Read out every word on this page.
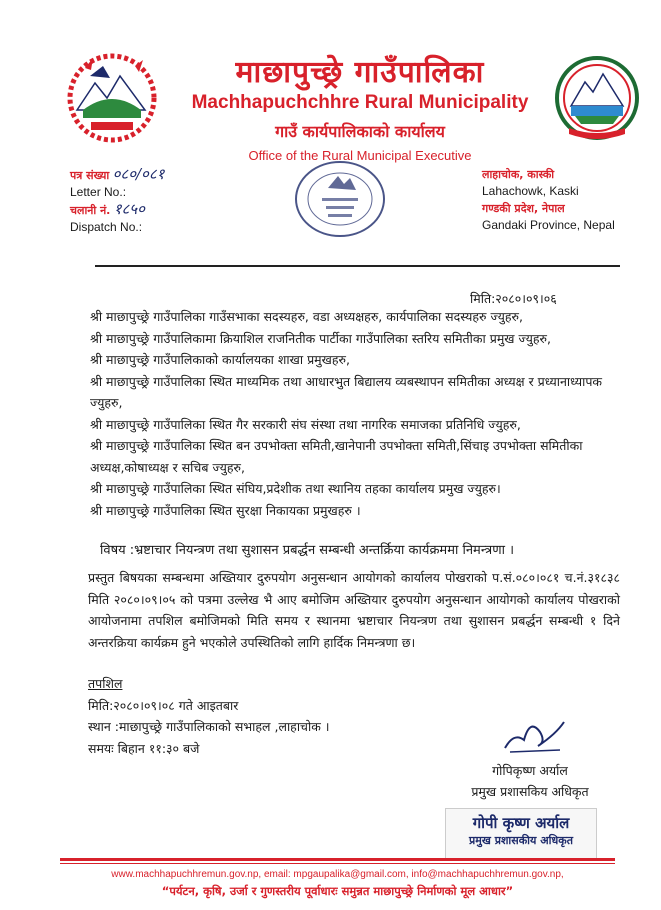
माछापुच्छ्रे गाउँपालिका
Machhapuchchhre Rural Municipality
गाउँ कार्यपालिकाको कार्यालय
Office of the Rural Municipal Executive
पत्र संख्या ०८०/०८१
Letter No.:
चलानी नं. १८५०
Dispatch No.:
लाहाचोक, कास्की
Lahachowk, Kaski
गण्डकी प्रदेश, नेपाल
Gandaki Province, Nepal
मिति:२०८०।०९।०६

श्री माछापुच्छ्रे गाउँपालिका गाउँसभाका सदस्यहरु, वडा अध्यक्षहरु, कार्यपालिका सदस्यहरु ज्युहरु,

श्री माछापुच्छ्रे गाउँपालिकामा क्रियाशिल राजनितीक पार्टीका गाउँपालिका स्तरिय समितीका प्रमुख ज्युहरु,

श्री माछापुच्छ्रे गाउँपालिकाको कार्यालयका शाखा प्रमुखहरु,

श्री माछापुच्छ्रे गाउँपालिका स्थित माध्यमिक तथा आधारभुत बिद्यालय व्यबस्थापन समितीका अध्यक्ष र प्रध्यानाध्यापक ज्युहरु,

श्री माछापुच्छ्रे गाउँपालिका स्थित गैर सरकारी संघ संस्था तथा नागरिक समाजका प्रतिनिधि ज्युहरु,

श्री माछापुच्छ्रे गाउँपालिका स्थित बन उपभोक्ता समिती,खानेपानी उपभोक्ता समिती,सिंचाइ उपभोक्ता समितीका अध्यक्ष,कोषाध्यक्ष र सचिब ज्युहरु,

श्री माछापुच्छ्रे गाउँपालिका स्थित संघिय,प्रदेशीक तथा स्थानिय तहका कार्यालय प्रमुख ज्युहरु।

श्री माछापुच्छ्रे गाउँपालिका स्थित सुरक्षा निकायका प्रमुखहरु ।

विषय :भ्रष्टाचार नियन्त्रण तथा सुशासन प्रबर्द्धन सम्बन्धी अन्तर्क्रिया कार्यक्रममा निमन्त्रणा ।
प्रस्तुत बिषयका सम्बन्धमा अख्तियार दुरुपयोग अनुसन्धान आयोगको कार्यालय पोखराको प.सं.०८०।०८१ च.नं.३१८३८ मिति २०८०।०९।०५ को पत्रमा उल्लेख भै आए बमोजिम अख्तियार दुरुपयोग अनुसन्धान आयोगको कार्यालय पोखराको आयोजनामा तपशिल बमोजिमको मिति समय र स्थानमा भ्रष्टाचार नियन्त्रण तथा सुशासन प्रबर्द्धन सम्बन्धी १ दिने अन्तरक्रिया कार्यक्रम हुने भएकोले उपस्थितिको लागि हार्दिक निमन्त्रणा छ।
तपशिल
मिति:२०८०।०९।०८ गते आइतबार
स्थान :माछापुच्छ्रे गाउँपालिकाको सभाहल ,लाहाचोक ।
समयः बिहान ११:३० बजे
गोपिकृष्ण अर्याल
प्रमुख प्रशासकिय अधिकृत
गोपी कृष्ण अर्याल
प्रमुख प्रशासकीय अधिकृत
www.machhapuchhremun.gov.np, email: mpgaupalika@gmail.com, info@machhapuchhremun.gov.np,
“पर्यटन, कृषि, उर्जा र गुणस्तरीय पूर्वाधारः समुन्नत माछापुच्छ्रे निर्माणको मूल आधार”
